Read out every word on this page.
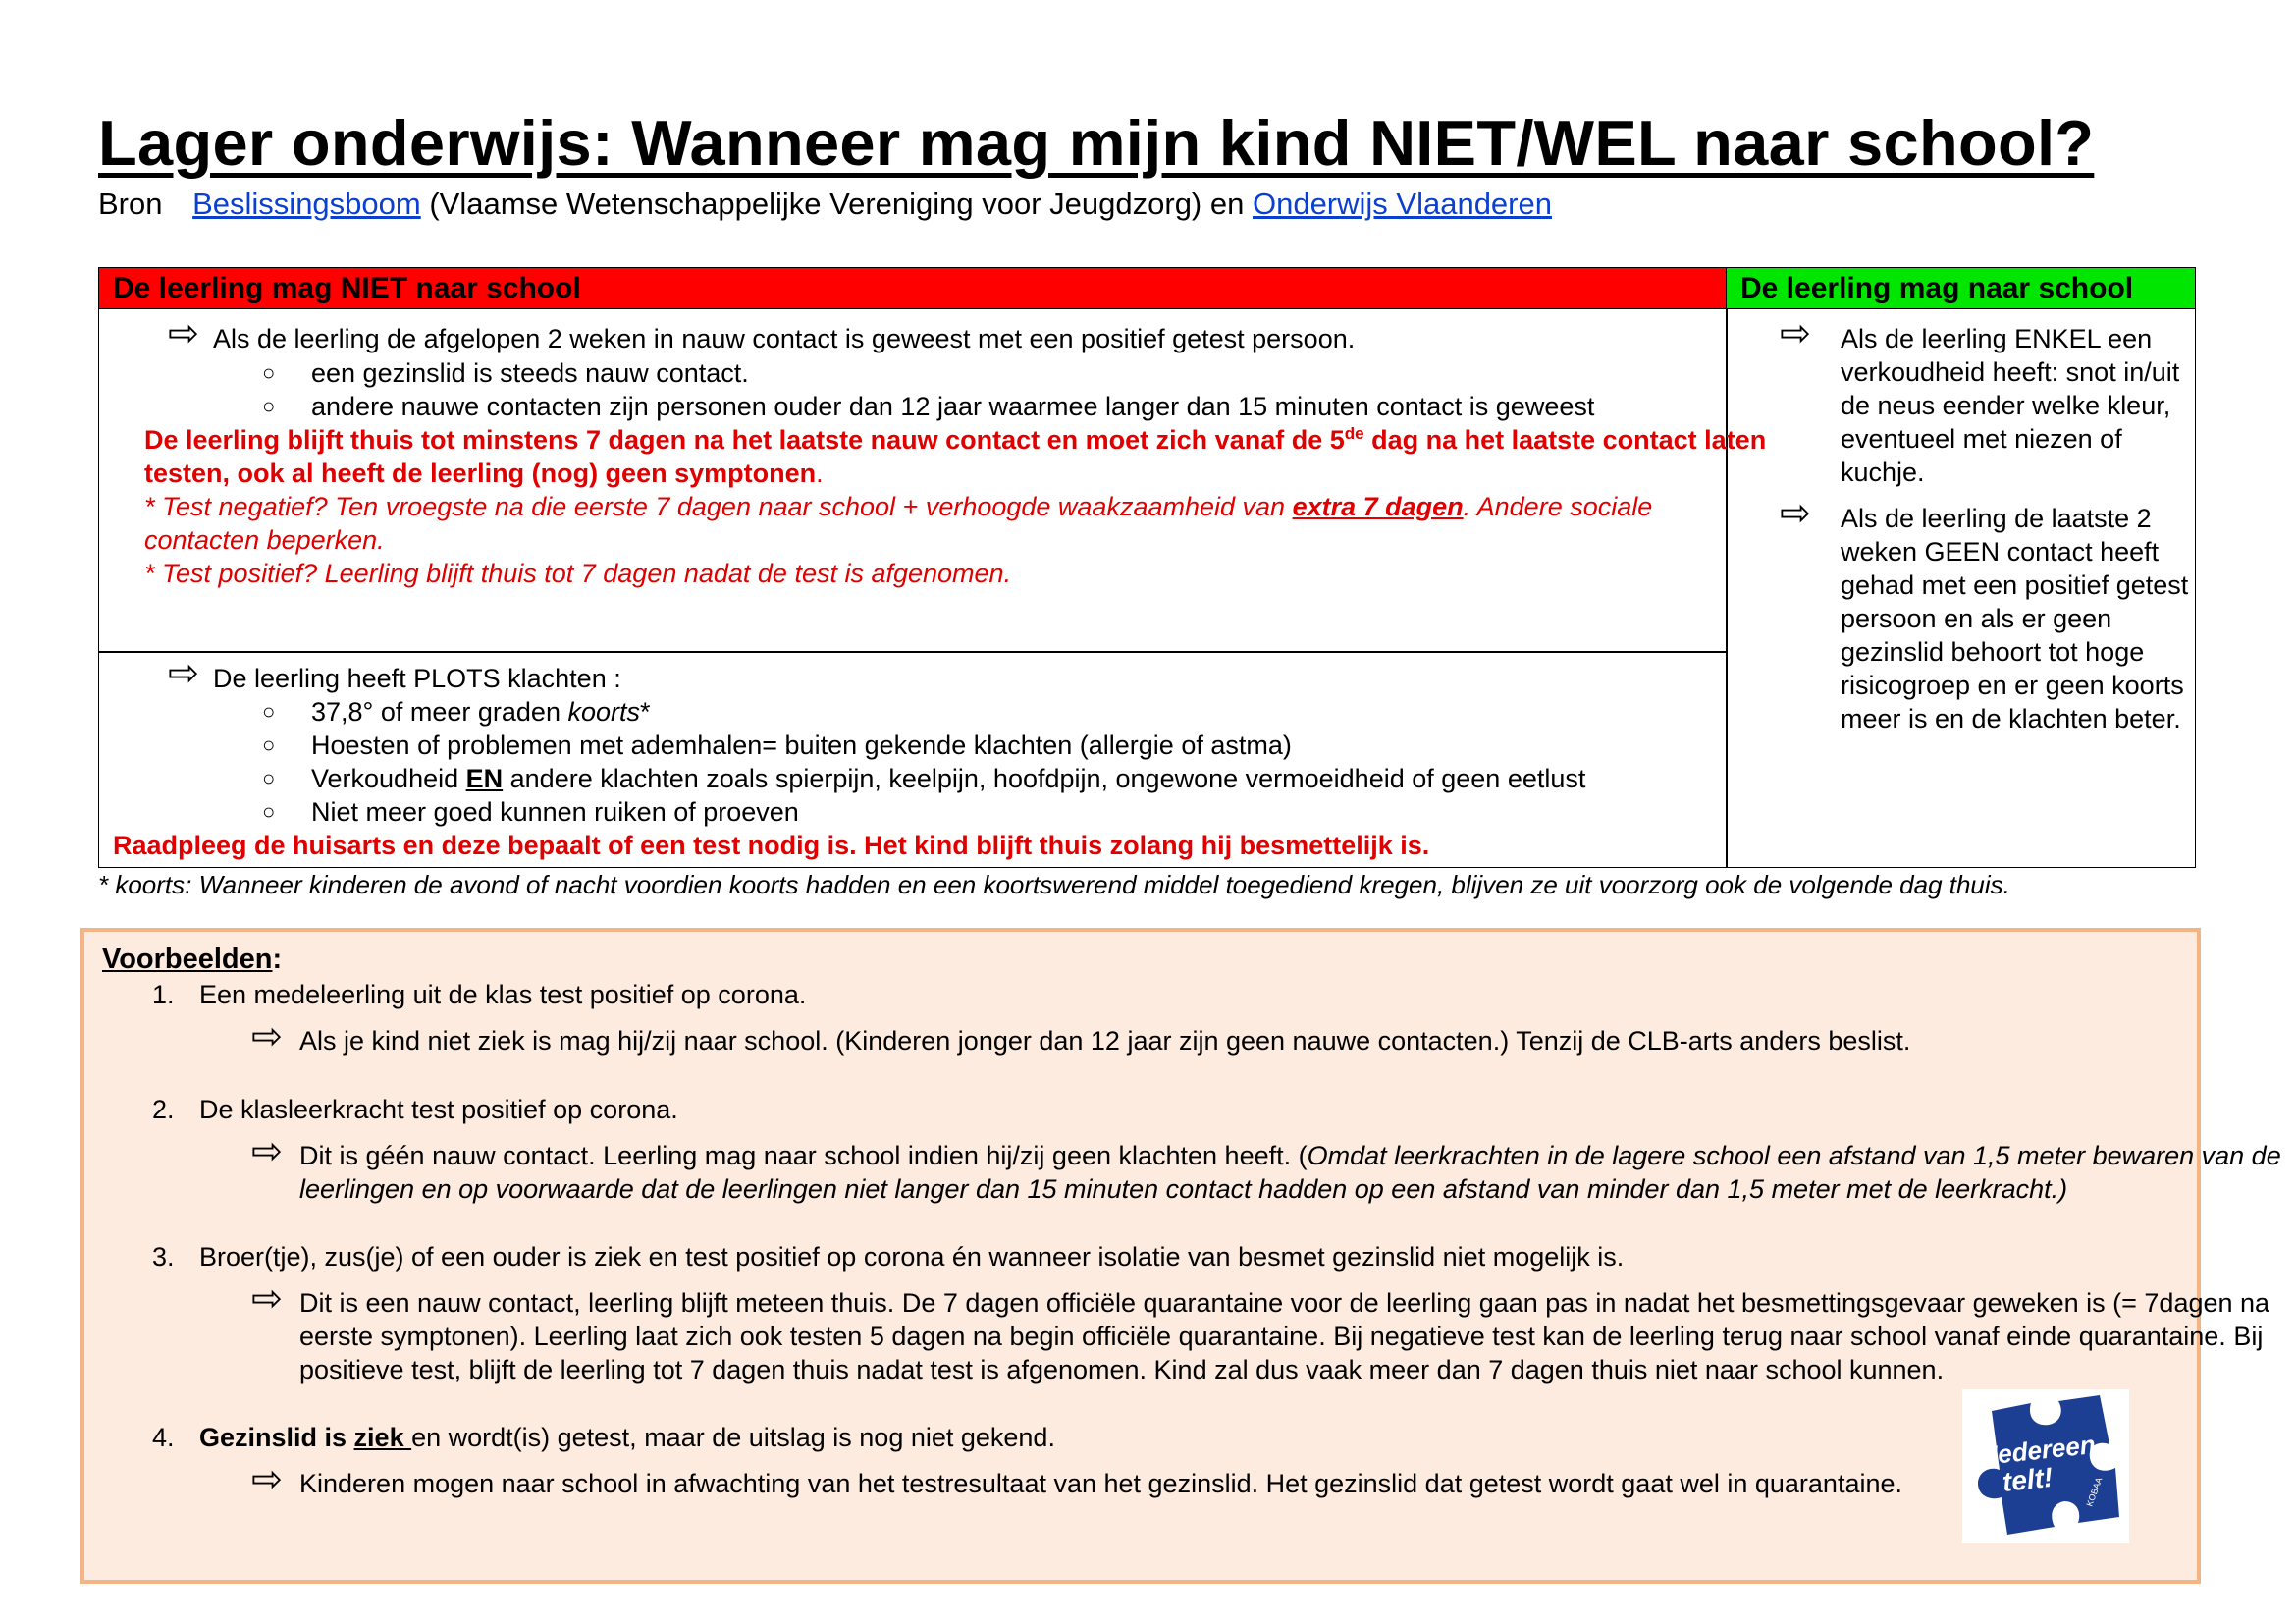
Lager onderwijs: Wanneer mag mijn kind NIET/WEL naar school?
Bron Beslissingsboom (Vlaamse Wetenschappelijke Vereniging voor Jeugdzorg) en Onderwijs Vlaanderen
De leerling mag NIET naar school	De leerling mag naar school
⇨ Als de leerling de afgelopen 2 weken in nauw contact is geweest met een positief getest persoon.
○ een gezinslid is steeds nauw contact.
○ andere nauwe contacten zijn personen ouder dan 12 jaar waarmee langer dan 15 minuten contact is geweest
De leerling blijft thuis tot minstens 7 dagen na het laatste nauw contact en moet zich vanaf de 5de dag na het laatste contact laten
testen, ook al heeft de leerling (nog) geen symptonen.
* Test negatief? Ten vroegste na die eerste 7 dagen naar school + verhoogde waakzaamheid van extra 7 dagen. Andere sociale
contacten beperken.
* Test positief? Leerling blijft thuis tot 7 dagen nadat de test is afgenomen.
⇨ De leerling heeft PLOTS klachten :
○ 37,8° of meer graden koorts*
○ Hoesten of problemen met ademhalen= buiten gekende klachten (allergie of astma)
○ Verkoudheid EN andere klachten zoals spierpijn, keelpijn, hoofdpijn, ongewone vermoeidheid of geen eetlust
○ Niet meer goed kunnen ruiken of proeven
Raadpleeg de huisarts en deze bepaalt of een test nodig is. Het kind blijft thuis zolang hij besmettelijk is.
⇨ Als de leerling ENKEL een
verkoudheid heeft: snot in/uit
de neus eender welke kleur,
eventueel met niezen of
kuchje.
⇨ Als de leerling de laatste 2
weken GEEN contact heeft
gehad met een positief getest
persoon en als er geen
gezinslid behoort tot hoge
risicogroep en er geen koorts
meer is en de klachten beter.
* koorts: Wanneer kinderen de avond of nacht voordien koorts hadden en een koortswerend middel toegediend kregen, blijven ze uit voorzorg ook de volgende dag thuis.
Voorbeelden:
1. Een medeleerling uit de klas test positief op corona.
⇨ Als je kind niet ziek is mag hij/zij naar school. (Kinderen jonger dan 12 jaar zijn geen nauwe contacten.) Tenzij de CLB-arts anders beslist.
2. De klasleerkracht test positief op corona.
⇨ Dit is géén nauw contact. Leerling mag naar school indien hij/zij geen klachten heeft. (Omdat leerkrachten in de lagere school een afstand van 1,5 meter bewaren van de
leerlingen en op voorwaarde dat de leerlingen niet langer dan 15 minuten contact hadden op een afstand van minder dan 1,5 meter met de leerkracht.)
3. Broer(tje), zus(je) of een ouder is ziek en test positief op corona én wanneer isolatie van besmet gezinslid niet mogelijk is.
⇨ Dit is een nauw contact, leerling blijft meteen thuis. De 7 dagen officiële quarantaine voor de leerling gaan pas in nadat het besmettingsgevaar geweken is (= 7dagen na
eerste symptonen). Leerling laat zich ook testen 5 dagen na begin officiële quarantaine. Bij negatieve test kan de leerling terug naar school vanaf einde quarantaine. Bij
positieve test, blijft de leerling tot 7 dagen thuis nadat test is afgenomen. Kind zal dus vaak meer dan 7 dagen thuis niet naar school kunnen.
4. Gezinslid is ziek en wordt(is) getest, maar de uitslag is nog niet gekend.
⇨ Kinderen mogen naar school in afwachting van het testresultaat van het gezinslid. Het gezinslid dat getest wordt gaat wel in quarantaine.
Iedereen
telt!	KOBAA
